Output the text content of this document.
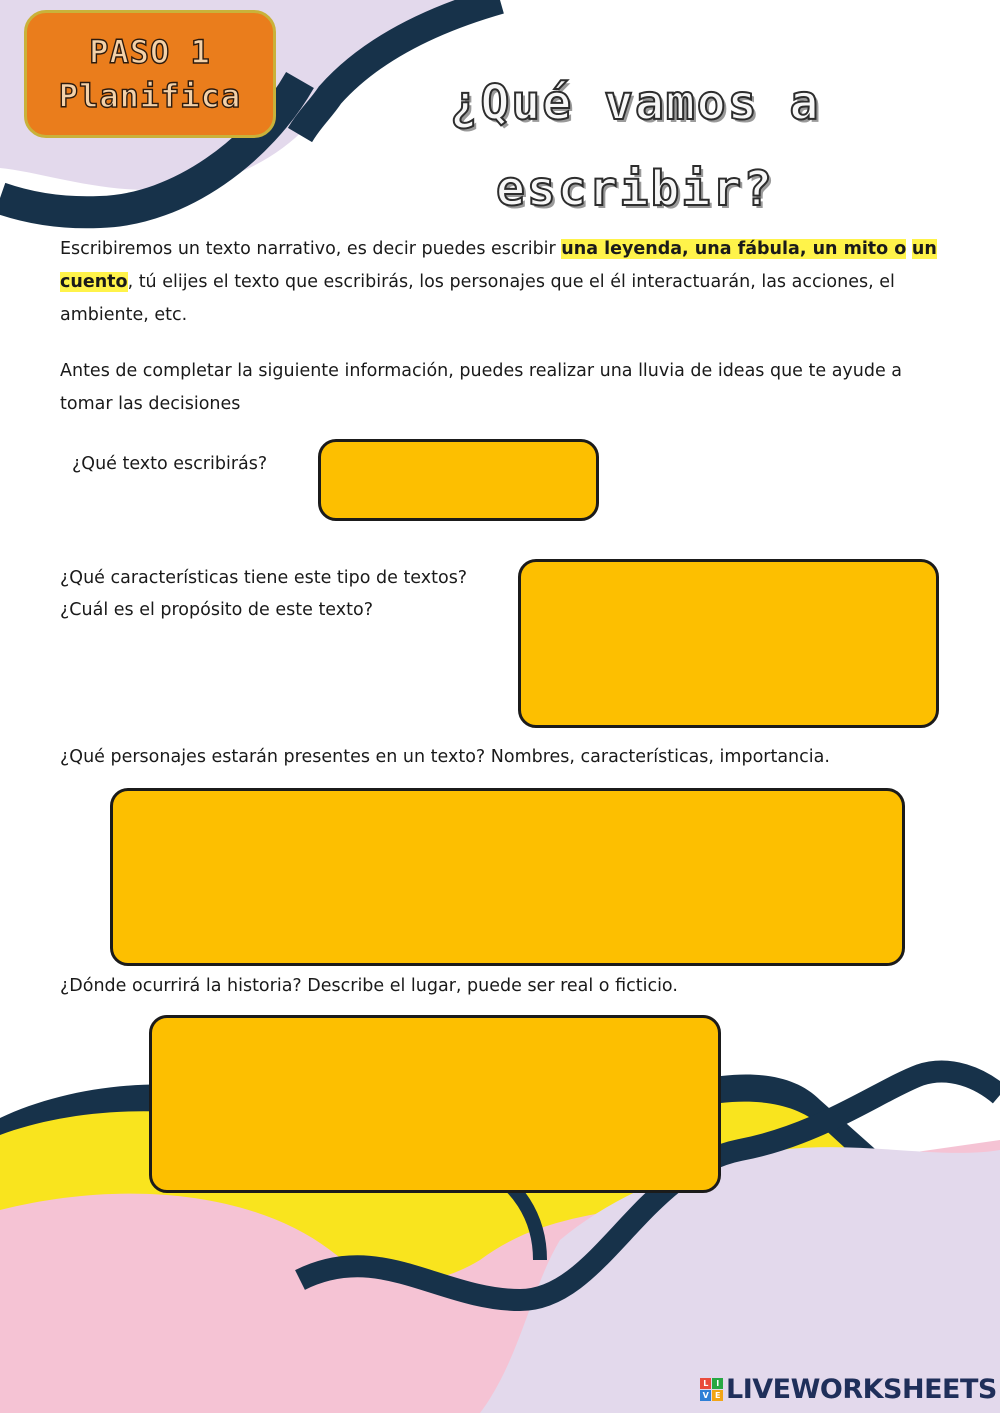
PASO 1
Planifica	¿Qué vamos a
escribir?

Escribiremos un texto narrativo, es decir puedes escribir una leyenda, una fábula, un mito o un cuento, tú elijes el texto que escribirás, los personajes que el él interactuarán, las acciones, el ambiente, etc.

Antes de completar la siguiente información, puedes realizar una lluvia de ideas que te ayude a tomar las decisiones

¿Qué texto escribirás?

¿Qué características tiene este tipo de textos?

¿Cuál es el propósito de este texto?

¿Qué personajes estarán presentes en un texto? Nombres, características, importancia.

¿Dónde ocurrirá la historia? Describe el lugar, puede ser real o ficticio.

L	I
V E LIVEWORKSHEETS
